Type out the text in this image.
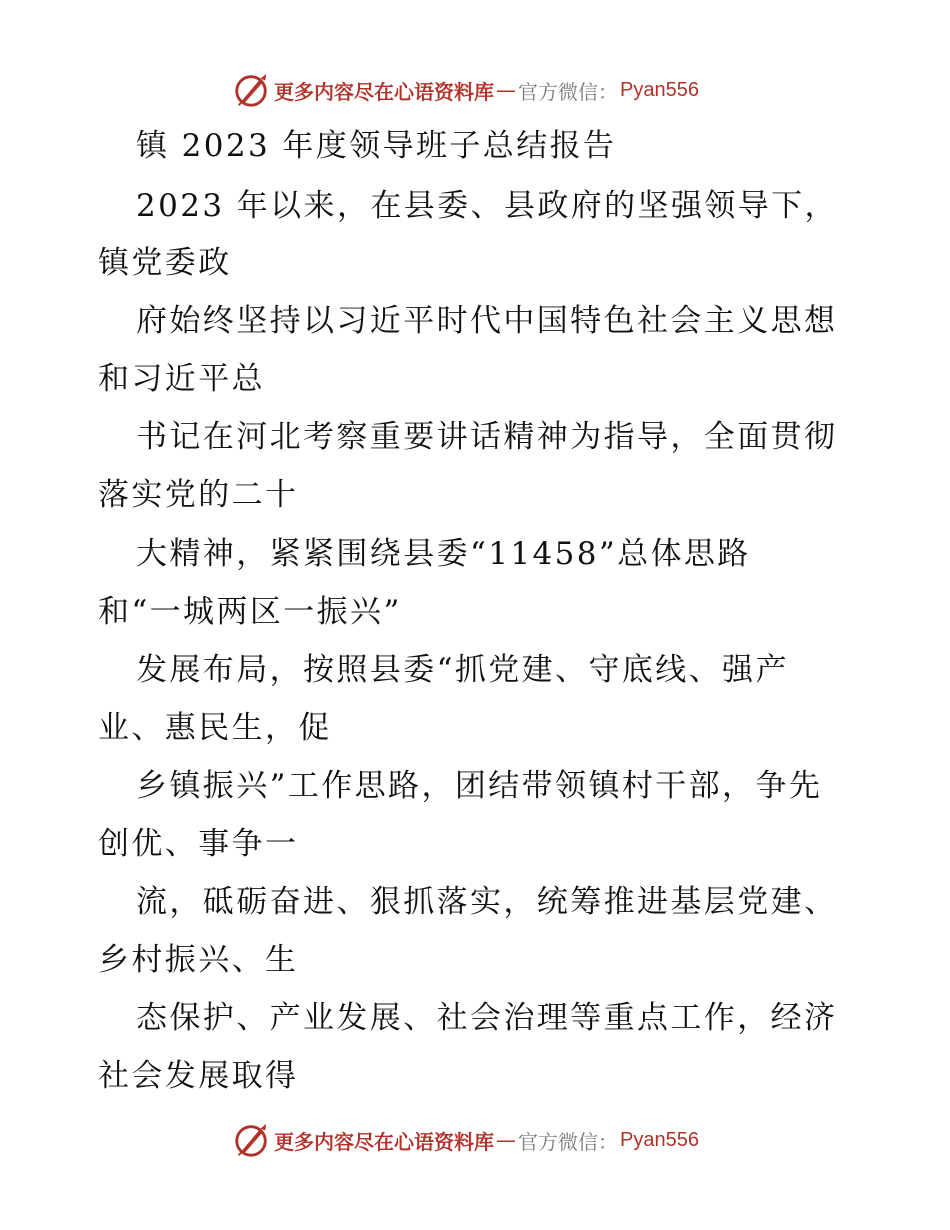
更多内容尽在心语资料库 — 官方微信： Pyan556

镇 2023 年度领导班子总结报告

2023 年以来，在县委、县政府的坚强领导下，

镇党委政

府始终坚持以习近平时代中国特色社会主义思想

和习近平总

书记在河北考察重要讲话精神为指导，全面贯彻

落实党的二十

大精神，紧紧围绕县委“11458”总体思路

和“一城两区一振兴”

发展布局，按照县委“抓党建、守底线、强产

业、惠民生，促

乡镇振兴”工作思路，团结带领镇村干部，争先

创优、事争一

流，砥砺奋进、狠抓落实，统筹推进基层党建、

乡村振兴、生

态保护、产业发展、社会治理等重点工作，经济

社会发展取得

更多内容尽在心语资料库 — 官方微信： Pyan556
